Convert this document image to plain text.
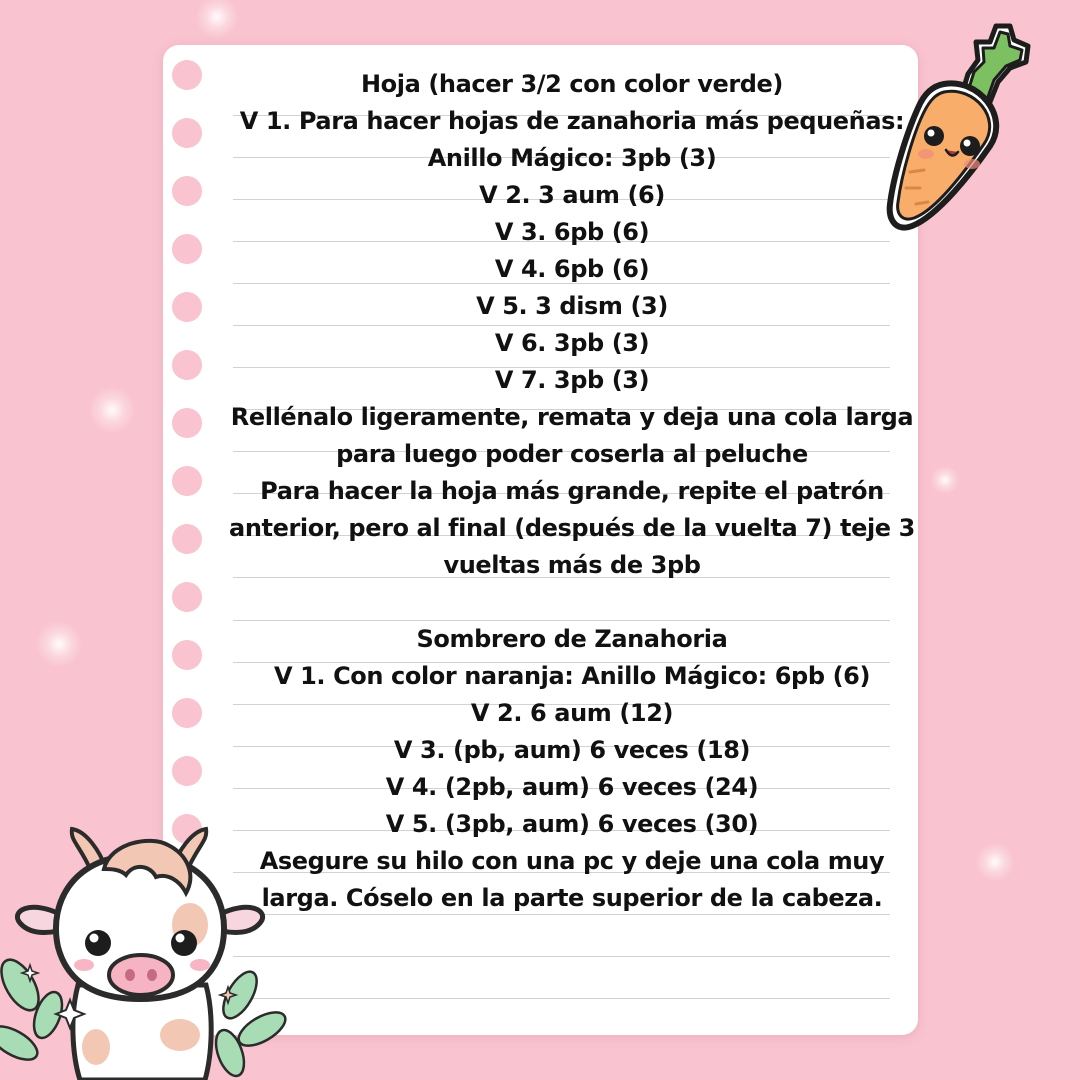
Hoja (hacer 3/2 con color verde)
V 1. Para hacer hojas de zanahoria más pequeñas:
Anillo Mágico: 3pb (3)
V 2. 3 aum (6)
V 3. 6pb (6)
V 4. 6pb (6)
V 5. 3 dism (3)
V 6. 3pb (3)
V 7. 3pb (3)
Rellénalo ligeramente, remata y deja una cola larga
para luego poder coserla al peluche
Para hacer la hoja más grande, repite el patrón
anterior, pero al final (después de la vuelta 7) teje 3
vueltas más de 3pb
Sombrero de Zanahoria
V 1. Con color naranja: Anillo Mágico: 6pb (6)
V 2. 6 aum (12)
V 3. (pb, aum) 6 veces (18)
V 4. (2pb, aum) 6 veces (24)
V 5. (3pb, aum) 6 veces (30)
Asegure su hilo con una pc y deje una cola muy
larga. Cóselo en la parte superior de la cabeza.
